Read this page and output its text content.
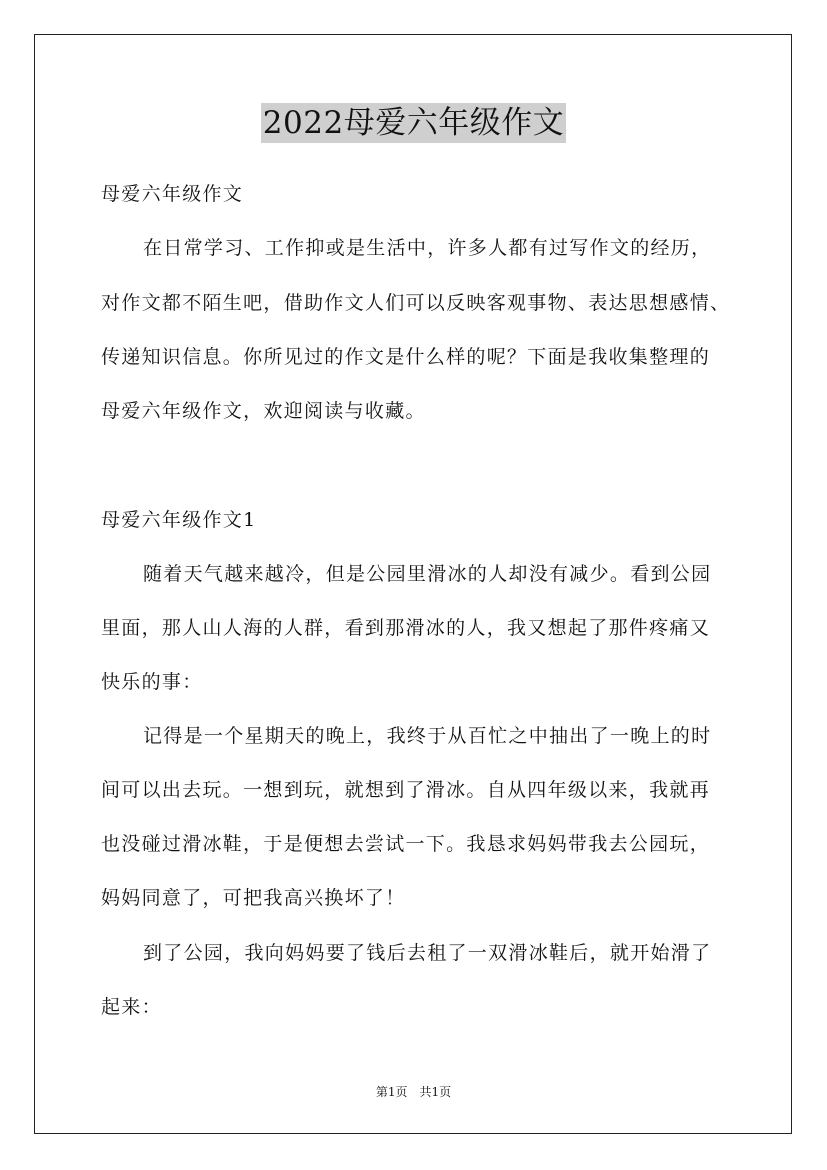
2022母爱六年级作文
母爱六年级作文
在日常学习、工作抑或是生活中，许多人都有过写作文的经历，
对作文都不陌生吧，借助作文人们可以反映客观事物、表达思想感情、
传递知识信息。你所见过的作文是什么样的呢？下面是我收集整理的
母爱六年级作文，欢迎阅读与收藏。
母爱六年级作文1
随着天气越来越冷，但是公园里滑冰的人却没有减少。看到公园
里面，那人山人海的人群，看到那滑冰的人，我又想起了那件疼痛又
快乐的事：
记得是一个星期天的晚上，我终于从百忙之中抽出了一晚上的时
间可以出去玩。一想到玩，就想到了滑冰。自从四年级以来，我就再
也没碰过滑冰鞋，于是便想去尝试一下。我恳求妈妈带我去公园玩，
妈妈同意了，可把我高兴换坏了！
到了公园，我向妈妈要了钱后去租了一双滑冰鞋后，就开始滑了
起来：
第1页　共1页
